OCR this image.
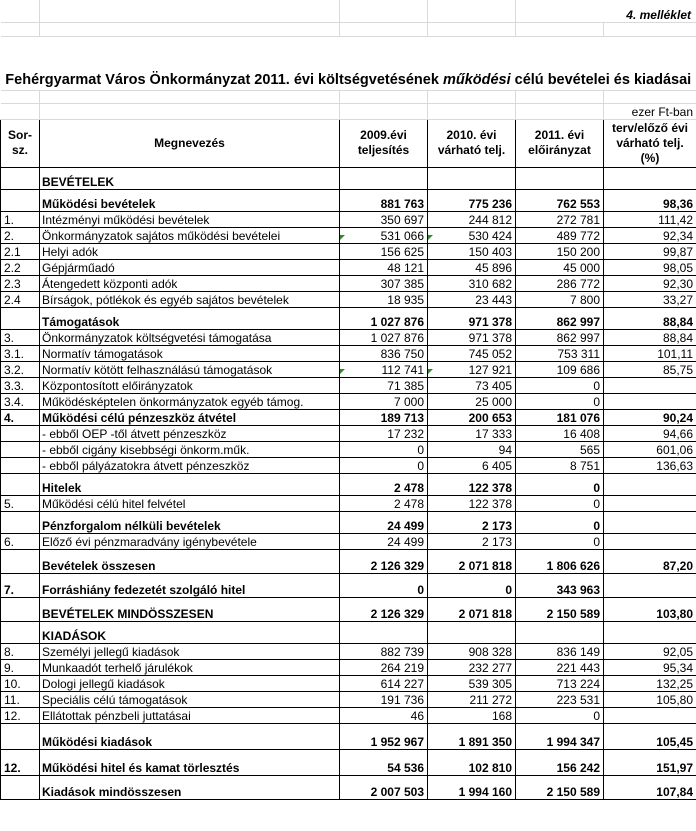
				4. melléklet	

Fehérgyarmat Város Önkormányzat 2011. évi költségvetésének működési célú bevételei és kiadásai					

					ezer Ft-ban
Sor-sz.	Megnevezés	2009.évi teljesítés	2010. évi várható telj.	2011. évi előirányzat	terv/előző évi várható telj. (%)
	BEVÉTELEK				
	Működési bevételek	881 763	775 236	762 553	98,36
1.	Intézményi működési bevételek	350 697	244 812	272 781	111,42
2.	Önkormányzatok sajátos működési bevételei	531 066	530 424	489 772	92,34
2.1	Helyi adók	156 625	150 403	150 200	99,87
2.2	Gépjárműadó	48 121	45 896	45 000	98,05
2.3	Átengedett központi adók	307 385	310 682	286 772	92,30
2.4	Bírságok, pótlékok és egyéb sajátos bevételek	18 935	23 443	7 800	33,27
	Támogatások	1 027 876	971 378	862 997	88,84
3.	Önkormányzatok költségvetési támogatása	1 027 876	971 378	862 997	88,84
3.1.	Normatív támogatások	836 750	745 052	753 311	101,11
3.2.	Normatív kötött felhasználású támogatások	112 741	127 921	109 686	85,75
3.3.	Központosított előirányzatok	71 385	73 405	0	
3.4.	Működésképtelen önkormányzatok egyéb támog.	7 000	25 000	0	
4.	Működési célú pénzeszköz átvétel	189 713	200 653	181 076	90,24
	- ebből OEP -től átvett pénzeszköz	17 232	17 333	16 408	94,66
	- ebből cigány kisebbségi önkorm.műk.	0	94	565	601,06
	- ebből pályázatokra átvett pénzeszköz	0	6 405	8 751	136,63
	Hitelek	2 478	122 378	0	
5.	Működési célú hitel felvétel	2 478	122 378	0	
	Pénzforgalom nélküli bevételek	24 499	2 173	0	
6.	Előző évi pénzmaradvány igénybevétele	24 499	2 173	0	
	Bevételek összesen	2 126 329	2 071 818	1 806 626	87,20
7.	Forráshiány fedezetét szolgáló hitel	0	0	343 963	
	BEVÉTELEK MINDÖSSZESEN	2 126 329	2 071 818	2 150 589	103,80
	KIADÁSOK				
8.	Személyi jellegű kiadások	882 739	908 328	836 149	92,05
9.	Munkaadót terhelő járulékok	264 219	232 277	221 443	95,34
10.	Dologi jellegű kiadások	614 227	539 305	713 224	132,25
11.	Speciális célú támogatások	191 736	211 272	223 531	105,80
12.	Ellátottak pénzbeli juttatásai	46	168	0	
	Működési kiadások	1 952 967	1 891 350	1 994 347	105,45
12.	Működési hitel és kamat törlesztés	54 536	102 810	156 242	151,97
	Kiadások mindösszesen	2 007 503	1 994 160	2 150 589	107,84
